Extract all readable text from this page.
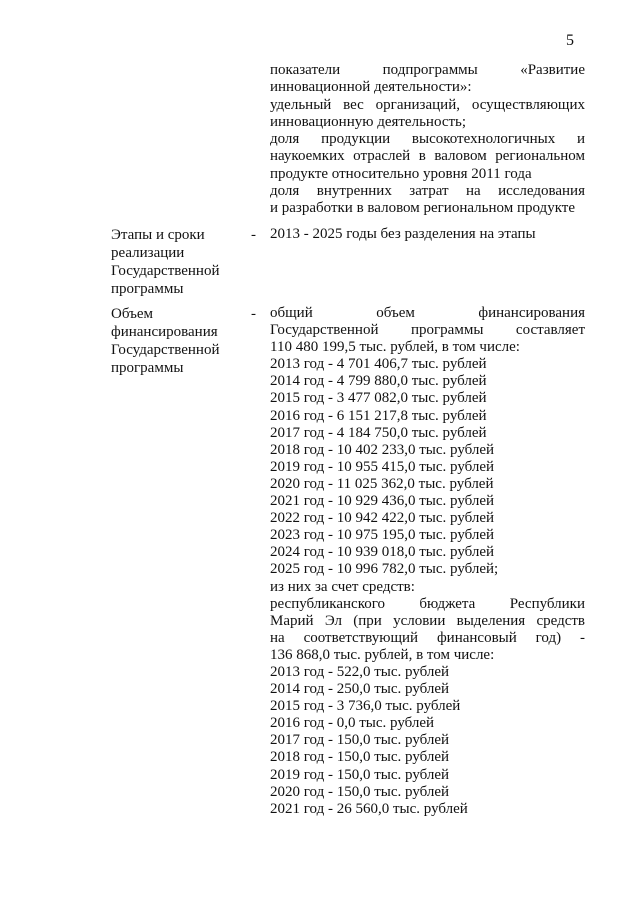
5
показатели подпрограммы «Развитие
инновационной деятельности»:
удельный вес организаций, осуществляющих
инновационную деятельность;
доля продукции высокотехнологичных и
наукоемких отраслей в валовом региональном
продукте относительно уровня 2011 года
доля внутренних затрат на исследования
и разработки в валовом региональном продукте
Этапы и сроки
реализации
Государственной
программы
- 2013 - 2025 годы без разделения на этапы
Объем
финансирования
Государственной
программы
- общий объем финансирования
Государственной программы составляет
110 480 199,5 тыс. рублей, в том числе:
2013 год - 4 701 406,7 тыс. рублей
2014 год - 4 799 880,0 тыс. рублей
2015 год - 3 477 082,0 тыс. рублей
2016 год - 6 151 217,8 тыс. рублей
2017 год - 4 184 750,0 тыс. рублей
2018 год - 10 402 233,0 тыс. рублей
2019 год - 10 955 415,0 тыс. рублей
2020 год - 11 025 362,0 тыс. рублей
2021 год - 10 929 436,0 тыс. рублей
2022 год - 10 942 422,0 тыс. рублей
2023 год - 10 975 195,0 тыс. рублей
2024 год - 10 939 018,0 тыс. рублей
2025 год - 10 996 782,0 тыс. рублей;
из них за счет средств:
республиканского бюджета Республики
Марий Эл (при условии выделения средств
на соответствующий финансовый год) -
136 868,0 тыс. рублей, в том числе:
2013 год - 522,0 тыс. рублей
2014 год - 250,0 тыс. рублей
2015 год - 3 736,0 тыс. рублей
2016 год - 0,0 тыс. рублей
2017 год - 150,0 тыс. рублей
2018 год - 150,0 тыс. рублей
2019 год - 150,0 тыс. рублей
2020 год - 150,0 тыс. рублей
2021 год - 26 560,0 тыс. рублей
